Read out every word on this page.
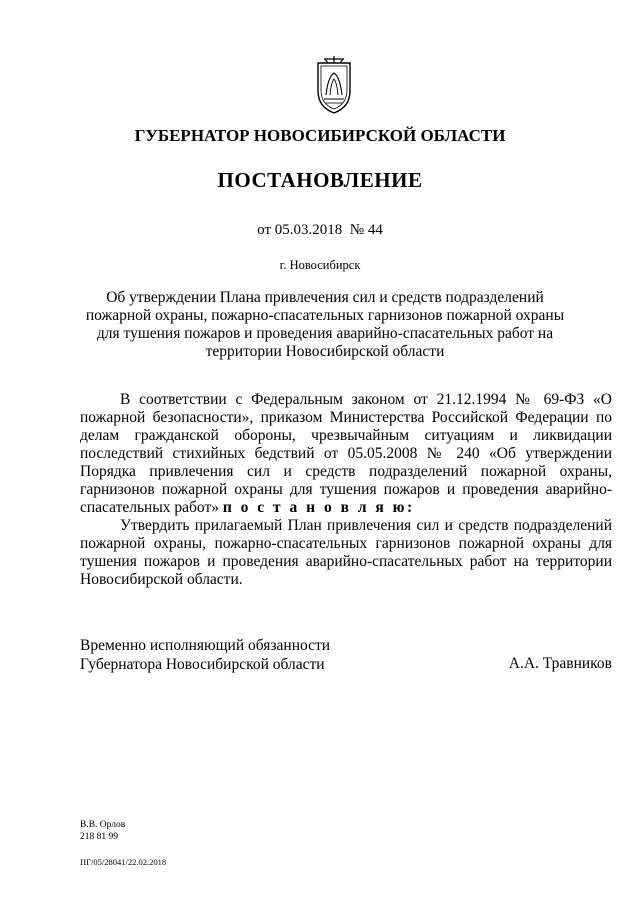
ГУБЕРНАТОР НОВОСИБИРСКОЙ ОБЛАСТИ
ПОСТАНОВЛЕНИЕ
от 05.03.2018  № 44
г. Новосибирск
Об утверждении Плана привлечения сил и средств подразделений пожарной охраны, пожарно-спасательных гарнизонов пожарной охраны для тушения пожаров и проведения аварийно-спасательных работ на территории Новосибирской области

В соответствии с Федеральным законом от 21.12.1994 № 69-ФЗ «О пожарной безопасности», приказом Министерства Российской Федерации по делам гражданской обороны, чрезвычайным ситуациям и ликвидации последствий стихийных бедствий от 05.05.2008 № 240 «Об утверждении Порядка привлечения сил и средств подразделений пожарной охраны, гарнизонов пожарной охраны для тушения пожаров и проведения аварийно-спасательных работ» п о с т а н о в л я ю:

Утвердить прилагаемый План привлечения сил и средств подразделений пожарной охраны, пожарно-спасательных гарнизонов пожарной охраны для тушения пожаров и проведения аварийно-спасательных работ на территории Новосибирской области.

Временно исполняющий обязанности
Губернатора Новосибирской области	А.А. Травников
В.В. Орлов
218 81 99
ПГ/05/28041/22.02.2018
